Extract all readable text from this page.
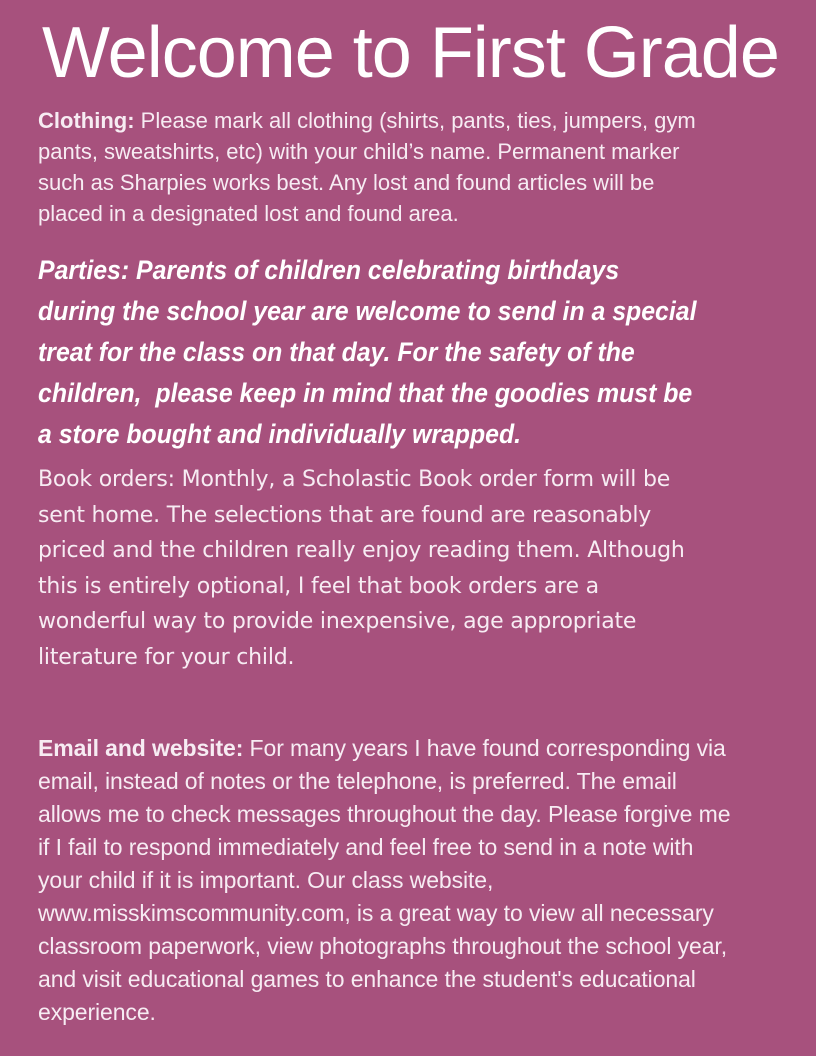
Welcome to First Grade
Clothing: Please mark all clothing (shirts, pants, ties, jumpers, gym
pants, sweatshirts, etc) with your child’s name. Permanent marker
such as Sharpies works best. Any lost and found articles will be
placed in a designated lost and found area.
Parties: Parents of children celebrating birthdays
during the school year are welcome to send in a special
treat for the class on that day. For the safety of the
children,  please keep in mind that the goodies must be
a store bought and individually wrapped.
Book orders: Monthly, a Scholastic Book order form will be
sent home. The selections that are found are reasonably
priced and the children really enjoy reading them. Although
this is entirely optional, I feel that book orders are a
wonderful way to provide inexpensive, age appropriate
literature for your child.
Email and website: For many years I have found corresponding via
email, instead of notes or the telephone, is preferred. The email
allows me to check messages throughout the day. Please forgive me
if I fail to respond immediately and feel free to send in a note with
your child if it is important. Our class website,
www.misskimscommunity.com, is a great way to view all necessary
classroom paperwork, view photographs throughout the school year,
and visit educational games to enhance the student's educational
experience.
